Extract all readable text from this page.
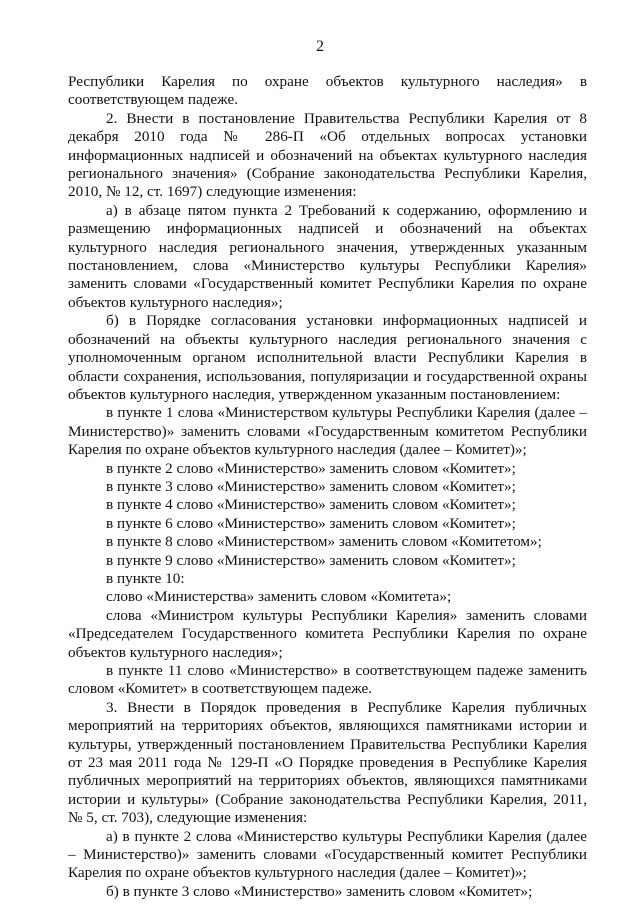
2

Республики Карелия по охране объектов культурного наследия» в соответствующем падеже.

2. Внести в постановление Правительства Республики Карелия от 8 декабря 2010 года № 286-П «Об отдельных вопросах установки информационных надписей и обозначений на объектах культурного наследия регионального значения» (Собрание законодательства Республики Карелия, 2010, № 12, ст. 1697) следующие изменения:

а) в абзаце пятом пункта 2 Требований к содержанию, оформлению и размещению информационных надписей и обозначений на объектах культурного наследия регионального значения, утвержденных указанным постановлением, слова «Министерство культуры Республики Карелия» заменить словами «Государственный комитет Республики Карелия по охране объектов культурного наследия»;

б) в Порядке согласования установки информационных надписей и обозначений на объекты культурного наследия регионального значения с уполномоченным органом исполнительной власти Республики Карелия в области сохранения, использования, популяризации и государственной охраны объектов культурного наследия, утвержденном указанным постановлением:

в пункте 1 слова «Министерством культуры Республики Карелия (далее – Министерство)» заменить словами «Государственным комитетом Республики Карелия по охране объектов культурного наследия (далее – Комитет)»;

в пункте 2 слово «Министерство» заменить словом «Комитет»;

в пункте 3 слово «Министерство» заменить словом «Комитет»;

в пункте 4 слово «Министерство» заменить словом «Комитет»;

в пункте 6 слово «Министерство» заменить словом «Комитет»;

в пункте 8 слово «Министерством» заменить словом «Комитетом»;

в пункте 9 слово «Министерство» заменить словом «Комитет»;

в пункте 10:

слово «Министерства» заменить словом «Комитета»;

слова «Министром культуры Республики Карелия» заменить словами «Председателем Государственного комитета Республики Карелия по охране объектов культурного наследия»;

в пункте 11 слово «Министерство» в соответствующем падеже заменить словом «Комитет» в соответствующем падеже.

3. Внести в Порядок проведения в Республике Карелия публичных мероприятий на территориях объектов, являющихся памятниками истории и культуры, утвержденный постановлением Правительства Республики Карелия от 23 мая 2011 года № 129-П «О Порядке проведения в Республике Карелия публичных мероприятий на территориях объектов, являющихся памятниками истории и культуры» (Собрание законодательства Республики Карелия, 2011, № 5, ст. 703), следующие изменения:

а) в пункте 2 слова «Министерство культуры Республики Карелия (далее – Министерство)» заменить словами «Государственный комитет Республики Карелия по охране объектов культурного наследия (далее – Комитет)»;

б) в пункте 3 слово «Министерство» заменить словом «Комитет»;
